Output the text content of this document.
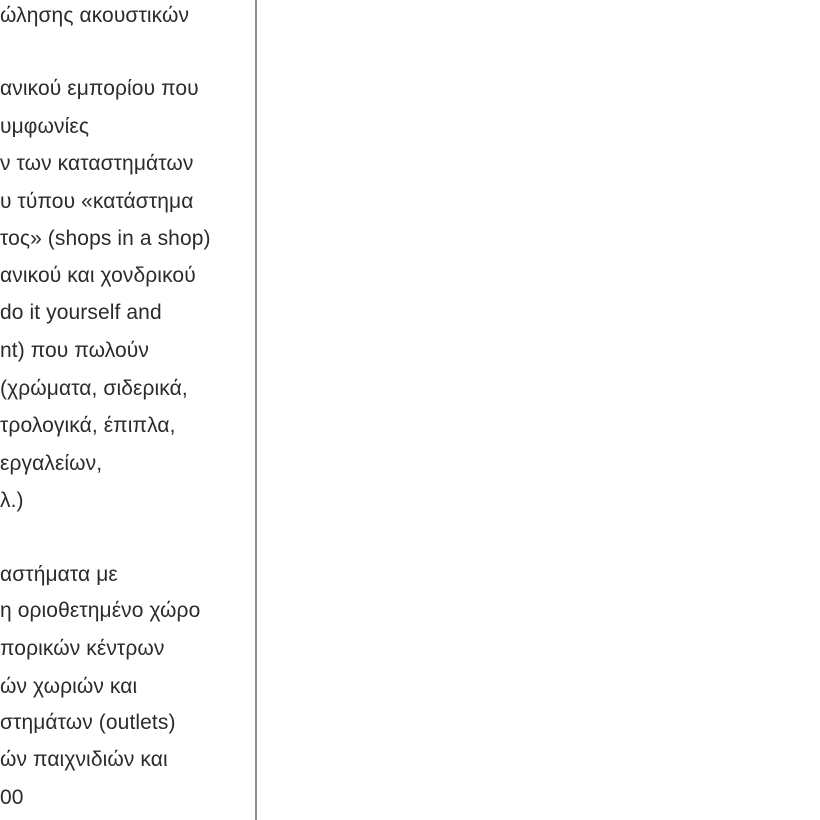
ώλησης ακουστικών
ανικού εμπορίου που
υμφωνίες
ν των καταστημάτων
υ τύπου «κατάστημα
τος» (shops in a shop)
ανικού και χονδρικού
do it yourself and
nt) που πωλούν
(χρώματα, σιδερικά,
τρολογικά, έπιπλα,
εργαλείων,
λ.)
αστήματα με
η οριοθετημένο χώρο
πορικών κέντρων
ών χωριών και
στημάτων (outlets)
ών παιχνιδιών και
00
